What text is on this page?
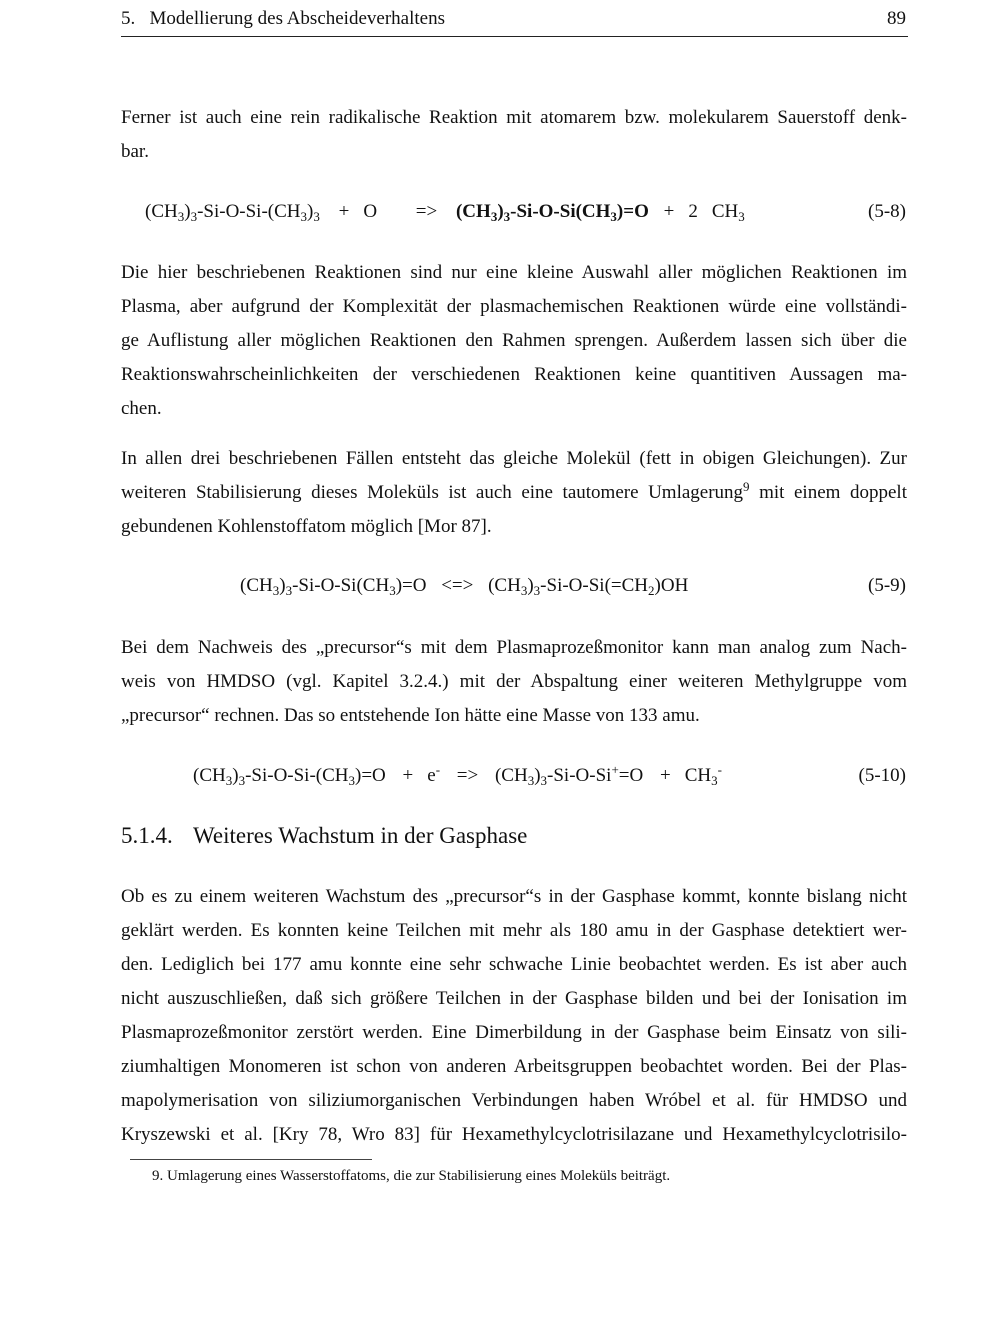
5.   Modellierung des Abscheideverhaltens	89
Ferner ist auch eine rein radikalische Reaktion mit atomarem bzw. molekularem Sauerstoff denk-
bar.
$(CH_3)_3-Si-O-Si-(CH_3)_3 + O => (CH_3)_3-Si-O-Si(CH_3)=O + 2$ $CH_3$	(5-8)
Die hier beschriebenen Reaktionen sind nur eine kleine Auswahl aller möglichen Reaktionen im
Plasma, aber aufgrund der Komplexität der plasmachemischen Reaktionen würde eine vollständi-
ge Auflistung aller möglichen Reaktionen den Rahmen sprengen. Außerdem lassen sich über die
Reaktionswahrscheinlichkeiten der verschiedenen Reaktionen keine quantitiven Aussagen ma-
chen.
In allen drei beschriebenen Fällen entsteht das gleiche Molekül (fett in obigen Gleichungen). Zur
weiteren Stabilisierung dieses Moleküls ist auch eine tautomere Umlagerung$^9$ mit einem doppelt
gebundenen Kohlenstoffatom möglich [Mor 87].
$(CH_3)_3-Si-O-Si(CH_3)=O$ <=> $(CH_3)_3-Si-O-Si(=CH_2)OH$	(5-9)
Bei dem Nachweis des „precursor“s mit dem Plasmaprozeßmonitor kann man analog zum Nach-
weis von HMDSO (vgl. Kapitel 3.2.4.) mit der Abspaltung einer weiteren Methylgruppe vom
„precursor“ rechnen. Das so entstehende Ion hätte eine Masse von 133 amu.
$(CH_3)_3-Si-O-Si-(CH_3)=O + e^- => (CH_3)_3-Si-O-Si^+=O + CH_3^-$	(5-10)
5.1.4. Weiteres Wachstum in der Gasphase
Ob es zu einem weiteren Wachstum des „precursor“s in der Gasphase kommt, konnte bislang nicht
geklärt werden. Es konnten keine Teilchen mit mehr als 180 amu in der Gasphase detektiert wer-
den. Lediglich bei 177 amu konnte eine sehr schwache Linie beobachtet werden. Es ist aber auch
nicht auszuschließen, daß sich größere Teilchen in der Gasphase bilden und bei der Ionisation im
Plasmaprozeßmonitor zerstört werden. Eine Dimerbildung in der Gasphase beim Einsatz von sili-
ziumhaltigen Monomeren ist schon von anderen Arbeitsgruppen beobachtet worden. Bei der Plas-
mapolymerisation von siliziumorganischen Verbindungen haben Wróbel et al. für HMDSO und
Kryszewski et al. [Kry 78, Wro 83] für Hexamethylcyclotrisilazane und Hexamethylcyclotrisilo-
9. Umlagerung eines Wasserstoffatoms, die zur Stabilisierung eines Moleküls beiträgt.
